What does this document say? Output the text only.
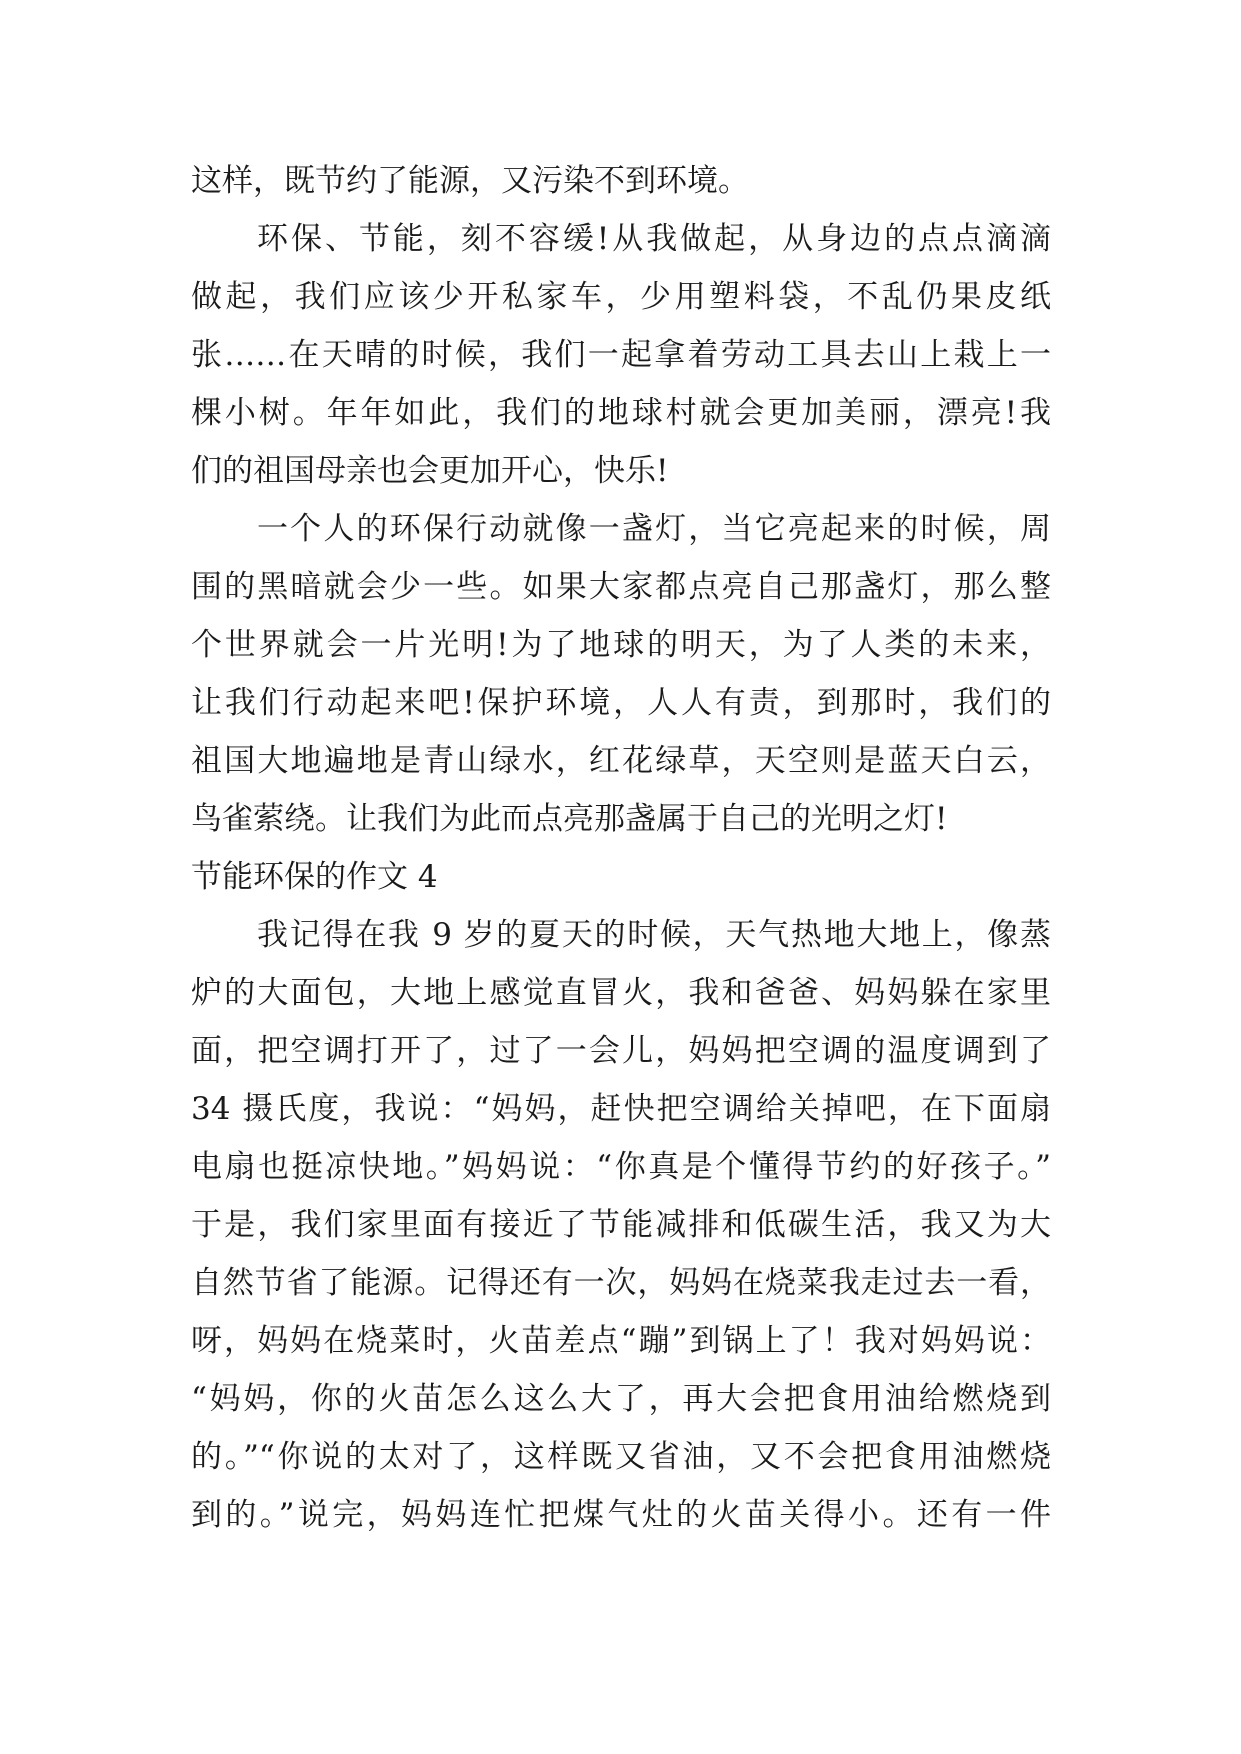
这样，既节约了能源，又污染不到环境。
环保、节能，刻不容缓!从我做起，从身边的点点滴滴
做起，我们应该少开私家车，少用塑料袋，不乱仍果皮纸
张……在天晴的时候，我们一起拿着劳动工具去山上栽上一
棵小树。年年如此，我们的地球村就会更加美丽，漂亮!我
们的祖国母亲也会更加开心，快乐!
一个人的环保行动就像一盏灯，当它亮起来的时候，周
围的黑暗就会少一些。如果大家都点亮自己那盏灯，那么整
个世界就会一片光明!为了地球的明天，为了人类的未来，
让我们行动起来吧!保护环境，人人有责，到那时，我们的
祖国大地遍地是青山绿水，红花绿草，天空则是蓝天白云，
鸟雀萦绕。让我们为此而点亮那盏属于自己的光明之灯!
节能环保的作文 4
我记得在我 9 岁的夏天的时候，天气热地大地上，像蒸
炉的大面包，大地上感觉直冒火，我和爸爸、妈妈躲在家里
面，把空调打开了，过了一会儿，妈妈把空调的温度调到了
34 摄氏度，我说：“妈妈，赶快把空调给关掉吧，在下面扇
电扇也挺凉快地。”妈妈说：“你真是个懂得节约的好孩子。”
于是，我们家里面有接近了节能减排和低碳生活，我又为大
自然节省了能源。记得还有一次，妈妈在烧菜我走过去一看，
呀，妈妈在烧菜时，火苗差点“蹦”到锅上了！我对妈妈说：
“妈妈，你的火苗怎么这么大了，再大会把食用油给燃烧到
的。”“你说的太对了，这样既又省油，又不会把食用油燃烧
到的。”说完，妈妈连忙把煤气灶的火苗关得小。还有一件
